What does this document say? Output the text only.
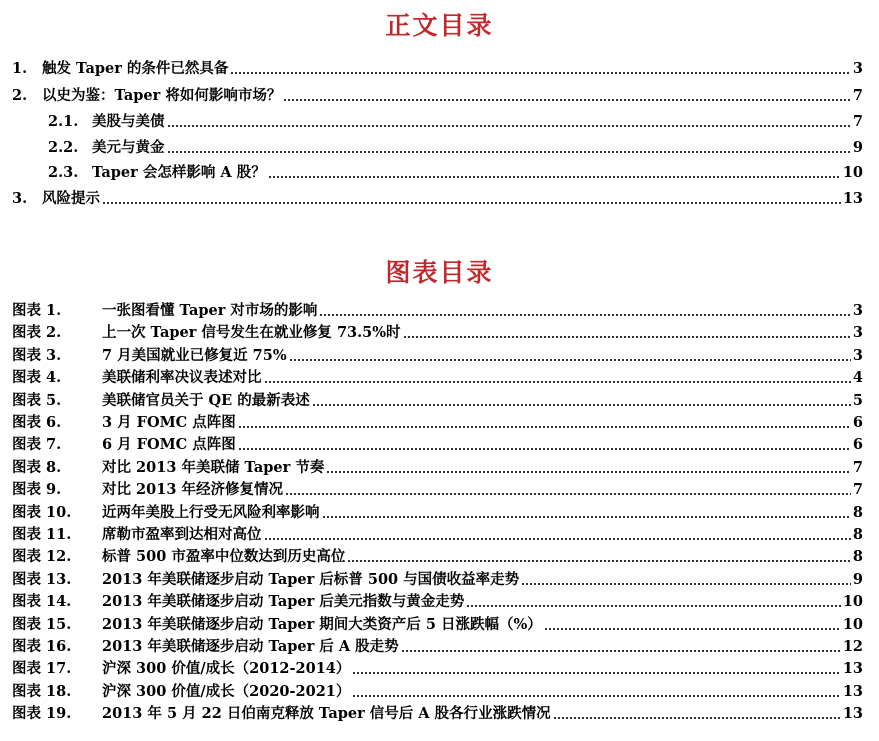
正文目录
图表目录
1.	触发 Taper 的条件已然具备	3
2.	以史为鉴：Taper 将如何影响市场？	7
2.1. 美股与美债	7
2.2. 美元与黄金	9
2.3. Taper 会怎样影响 A 股？	10
3.	风险提示	13
图表 1.	一张图看懂 Taper 对市场的影响	3
图表 2.	上一次 Taper 信号发生在就业修复 73.5%时	3
图表 3.	7 月美国就业已修复近 75%	3
图表 4.	美联储利率决议表述对比	4
图表 5.	美联储官员关于 QE 的最新表述	5
图表 6.	3 月 FOMC 点阵图	6
图表 7.	6 月 FOMC 点阵图	6
图表 8.	对比 2013 年美联储 Taper 节奏	7
图表 9.	对比 2013 年经济修复情况	7
图表 10.	近两年美股上行受无风险利率影响	8
图表 11.	席勒市盈率到达相对高位	8
图表 12.	标普 500 市盈率中位数达到历史高位	8
图表 13.	2013 年美联储逐步启动 Taper 后标普 500 与国债收益率走势	9
图表 14.	2013 年美联储逐步启动 Taper 后美元指数与黄金走势	10
图表 15.	2013 年美联储逐步启动 Taper 期间大类资产后 5 日涨跌幅（%）	10
图表 16.	2013 年美联储逐步启动 Taper 后 A 股走势	12
图表 17.	沪深 300 价值/成长（2012-2014）	13
图表 18.	沪深 300 价值/成长（2020-2021）	13
图表 19.	2013 年 5 月 22 日伯南克释放 Taper 信号后 A 股各行业涨跌情况	13
